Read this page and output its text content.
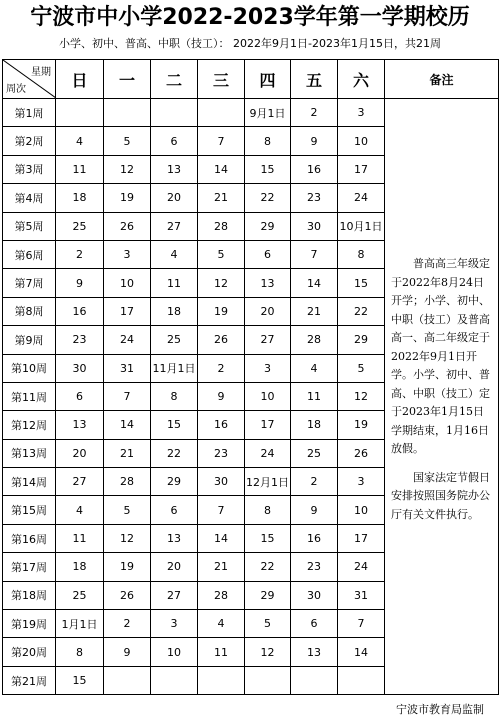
宁波市中小学2022-2023学年第一学期校历
小学、初中、普高、中职（技工）： 2022年9月1日-2023年1月15日，共21周
星期
周次	日	一	二	三	四	五	六	备注
第1周					9月1日	2	3	普高高三年级定于2022年8月24日开学；小学、初中、中职（技工）及普高高一、高二年级定于2022年9月1日开学。小学、初中、普高、中职（技工）定于2023年1月15日学期结束，1月16日放假。

国家法定节假日安排按照国务院办公厅有关文件执行。

第2周	4	5	6	7	8	9	10	
第3周	11	12	13	14	15	16	17	
第4周	18	19	20	21	22	23	24	
第5周	25	26	27	28	29	30	10月1日	
第6周	2	3	4	5	6	7	8	
第7周	9	10	11	12	13	14	15	
第8周	16	17	18	19	20	21	22	
第9周	23	24	25	26	27	28	29	
第10周	30	31	11月1日	2	3	4	5	
第11周	6	7	8	9	10	11	12	
第12周	13	14	15	16	17	18	19	
第13周	20	21	22	23	24	25	26	
第14周	27	28	29	30	12月1日	2	3	
第15周	4	5	6	7	8	9	10	
第16周	11	12	13	14	15	16	17	
第17周	18	19	20	21	22	23	24	
第18周	25	26	27	28	29	30	31	
第19周	1月1日	2	3	4	5	6	7	
第20周	8	9	10	11	12	13	14	
第21周	15							
宁波市教育局监制
